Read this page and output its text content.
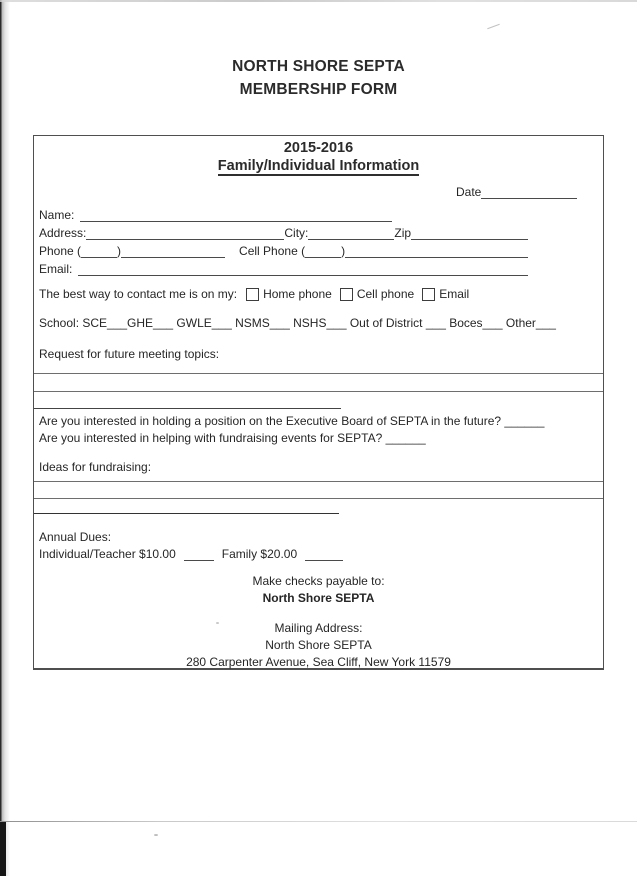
NORTH SHORE SEPTA
MEMBERSHIP FORM
2015-2016
Family/Individual Information
Date
Name:
Address:	City:	Zip
Phone (	)	Cell Phone (	)
Email:
The best way to contact me is on my: Home phone Cell phone Email
School: SCE___GHE___ GWLE___ NSMS___ NSHS___ Out of District ___ Boces___ Other___
Request for future meeting topics:
Are you interested in holding a position on the Executive Board of SEPTA in the future? ______
Are you interested in helping with fundraising events for SEPTA? ______
Ideas for fundraising:
Annual Dues:
Individual/Teacher $10.00	Family $20.00
Make checks payable to:
North Shore SEPTA
Mailing Address:
North Shore SEPTA
280 Carpenter Avenue, Sea Cliff, New York 11579
